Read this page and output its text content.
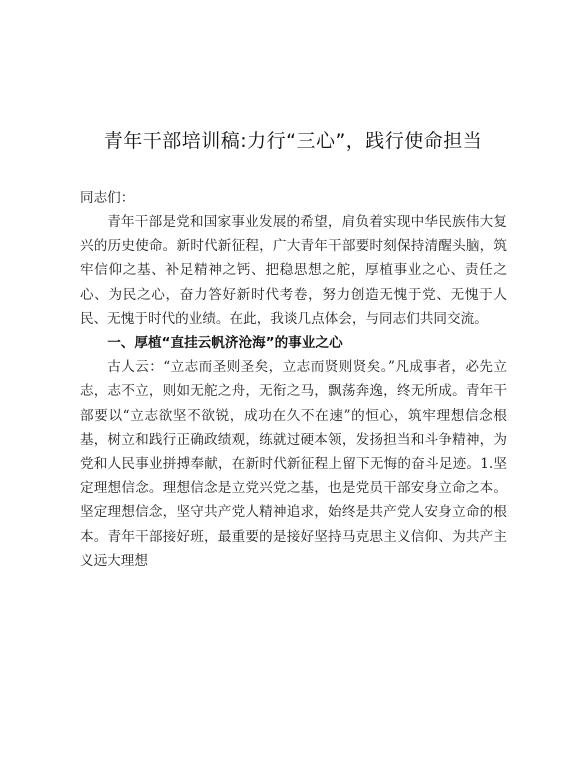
青年干部培训稿:力行“三心”，践行使命担当
同志们：

青年干部是党和国家事业发展的希望，肩负着实现中华民族伟大复兴的历史使命。新时代新征程，广大青年干部要时刻保持清醒头脑，筑牢信仰之基、补足精神之钙、把稳思想之舵，厚植事业之心、责任之心、为民之心，奋力答好新时代考卷，努力创造无愧于党、无愧于人民、无愧于时代的业绩。在此，我谈几点体会，与同志们共同交流。

一、厚植“直挂云帆济沧海”的事业之心

古人云：“立志而圣则圣矣，立志而贤则贤矣。”凡成事者，必先立志，志不立，则如无舵之舟，无衔之马，飘荡奔逸，终无所成。青年干部要以“立志欲坚不欲锐，成功在久不在速”的恒心，筑牢理想信念根基，树立和践行正确政绩观，练就过硬本领，发扬担当和斗争精神，为党和人民事业拼搏奉献，在新时代新征程上留下无悔的奋斗足迹。1.坚定理想信念。理想信念是立党兴党之基，也是党员干部安身立命之本。坚定理想信念，坚守共产党人精神追求，始终是共产党人安身立命的根本。青年干部接好班，最重要的是接好坚持马克思主义信仰、为共产主义远大理想
